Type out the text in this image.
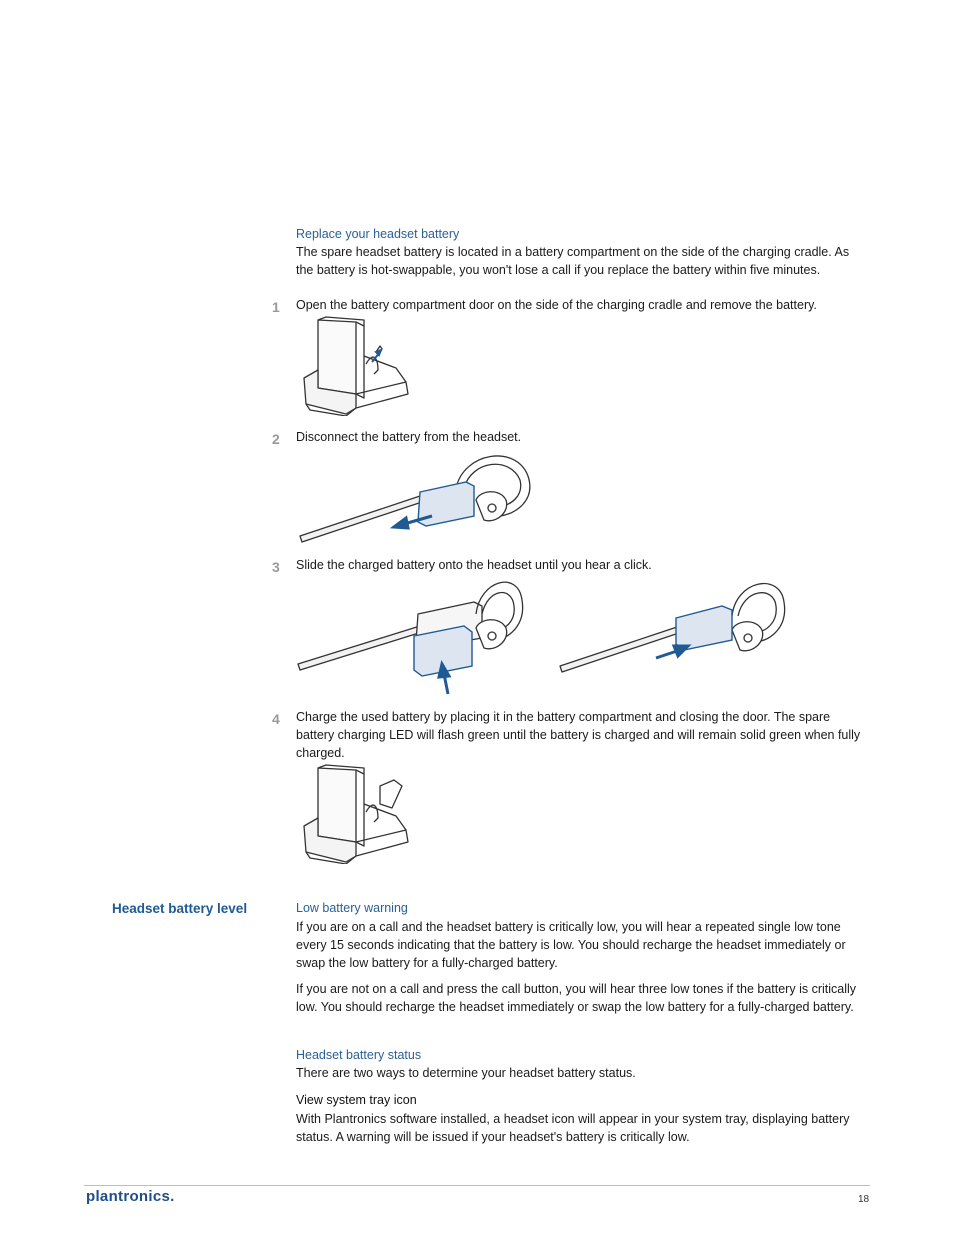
Replace your headset battery

The spare headset battery is located in a battery compartment on the side of the charging cradle. As the battery is hot-swappable, you won't lose a call if you replace the battery within five minutes.

1 Open the battery compartment door on the side of the charging cradle and remove the battery.

2 Disconnect the battery from the headset.

3 Slide the charged battery onto the headset until you hear a click.

4 Charge the used battery by placing it in the battery compartment and closing the door. The spare battery charging LED will flash green until the battery is charged and will remain solid green when fully charged.

Headset battery level	Low battery warning

If you are on a call and the headset battery is critically low, you will hear a repeated single low tone every 15 seconds indicating that the battery is low. You should recharge the headset immediately or swap the low battery for a fully-charged battery.

If you are not on a call and press the call button, you will hear three low tones if the battery is critically low. You should recharge the headset immediately or swap the low battery for a fully-charged battery.

Headset battery status

There are two ways to determine your headset battery status.

View system tray icon

With Plantronics software installed, a headset icon will appear in your system tray, displaying battery status. A warning will be issued if your headset's battery is critically low.

plantronics.	18
